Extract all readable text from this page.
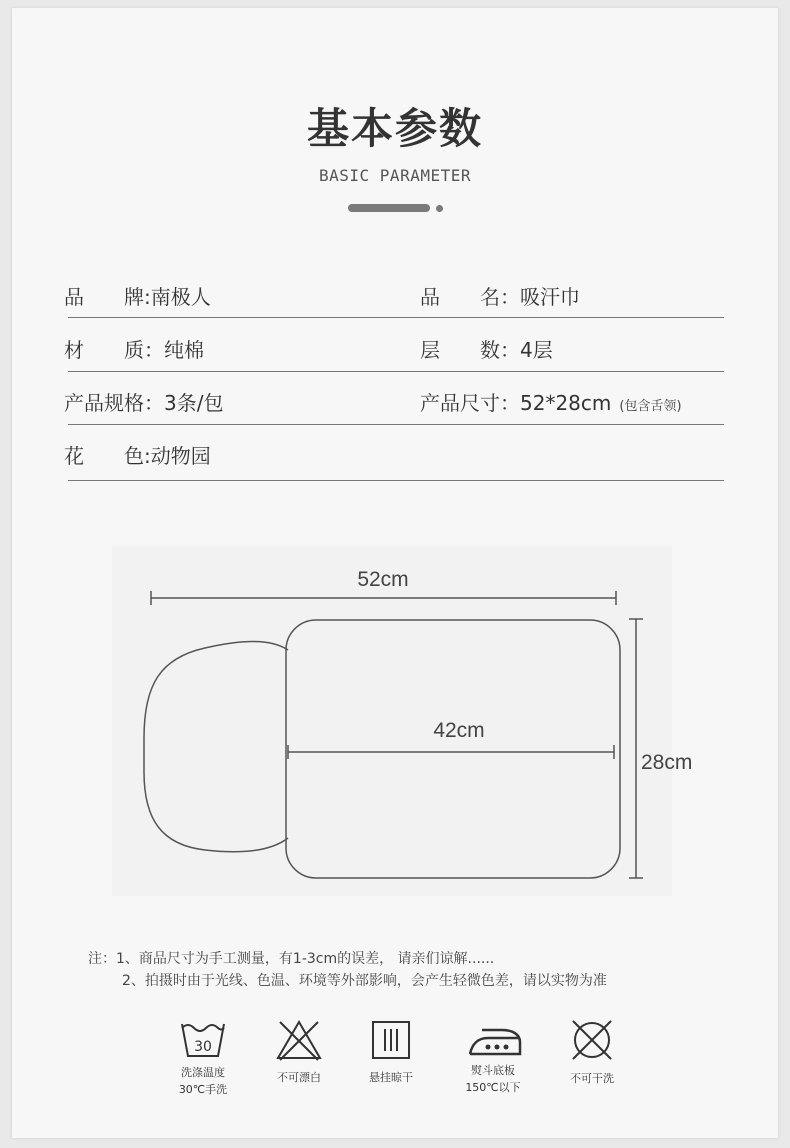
基本参数
BASIC PARAMETER
品　　牌:南极人	品　　名：吸汗巾
材　　质：纯棉	层　　数：4层
产品规格：3条/包	产品尺寸：52*28cm (包含舌领)
花　　色:动物园
52cm
42cm
28cm
注：1、商品尺寸为手工测量，有1-3cm的误差， 请亲们谅解......
2、拍摄时由于光线、色温、环境等外部影响，会产生轻微色差，请以实物为准
30
洗涤温度
30℃手洗
不可漂白	悬挂晾干
熨斗底板
150℃以下
不可干洗
